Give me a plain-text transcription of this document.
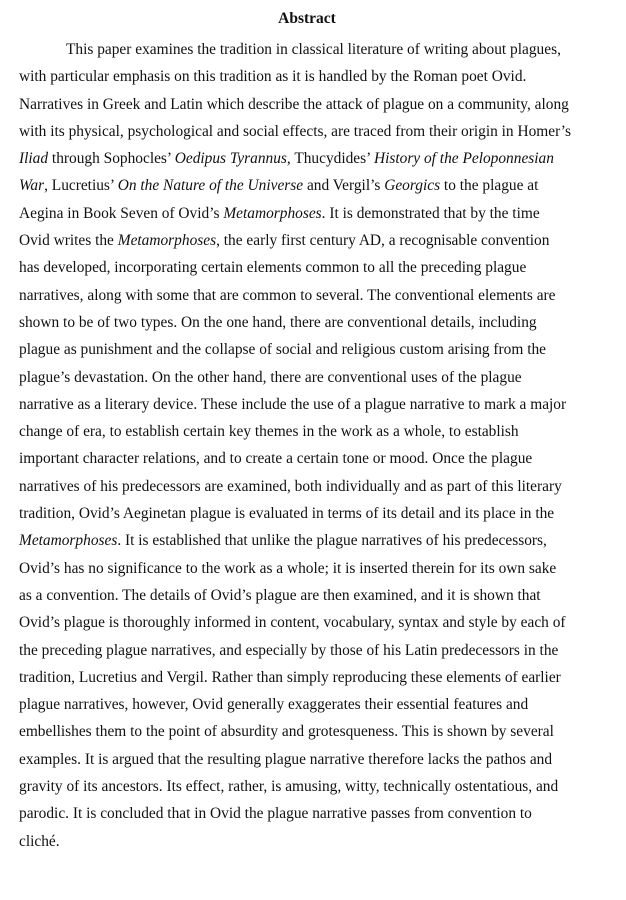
Abstract
This paper examines the tradition in classical literature of writing about plagues,
with particular emphasis on this tradition as it is handled by the Roman poet Ovid.
Narratives in Greek and Latin which describe the attack of plague on a community, along
with its physical, psychological and social effects, are traced from their origin in Homer’s
Iliad through Sophocles’ Oedipus Tyrannus, Thucydides’ History of the Peloponnesian
War, Lucretius’ On the Nature of the Universe and Vergil’s Georgics to the plague at
Aegina in Book Seven of Ovid’s Metamorphoses. It is demonstrated that by the time
Ovid writes the Metamorphoses, the early first century AD, a recognisable convention
has developed, incorporating certain elements common to all the preceding plague
narratives, along with some that are common to several. The conventional elements are
shown to be of two types. On the one hand, there are conventional details, including
plague as punishment and the collapse of social and religious custom arising from the
plague’s devastation. On the other hand, there are conventional uses of the plague
narrative as a literary device. These include the use of a plague narrative to mark a major
change of era, to establish certain key themes in the work as a whole, to establish
important character relations, and to create a certain tone or mood. Once the plague
narratives of his predecessors are examined, both individually and as part of this literary
tradition, Ovid’s Aeginetan plague is evaluated in terms of its detail and its place in the
Metamorphoses. It is established that unlike the plague narratives of his predecessors,
Ovid’s has no significance to the work as a whole; it is inserted therein for its own sake
as a convention. The details of Ovid’s plague are then examined, and it is shown that
Ovid’s plague is thoroughly informed in content, vocabulary, syntax and style by each of
the preceding plague narratives, and especially by those of his Latin predecessors in the
tradition, Lucretius and Vergil. Rather than simply reproducing these elements of earlier
plague narratives, however, Ovid generally exaggerates their essential features and
embellishes them to the point of absurdity and grotesqueness. This is shown by several
examples. It is argued that the resulting plague narrative therefore lacks the pathos and
gravity of its ancestors. Its effect, rather, is amusing, witty, technically ostentatious, and
parodic. It is concluded that in Ovid the plague narrative passes from convention to
cliché.
